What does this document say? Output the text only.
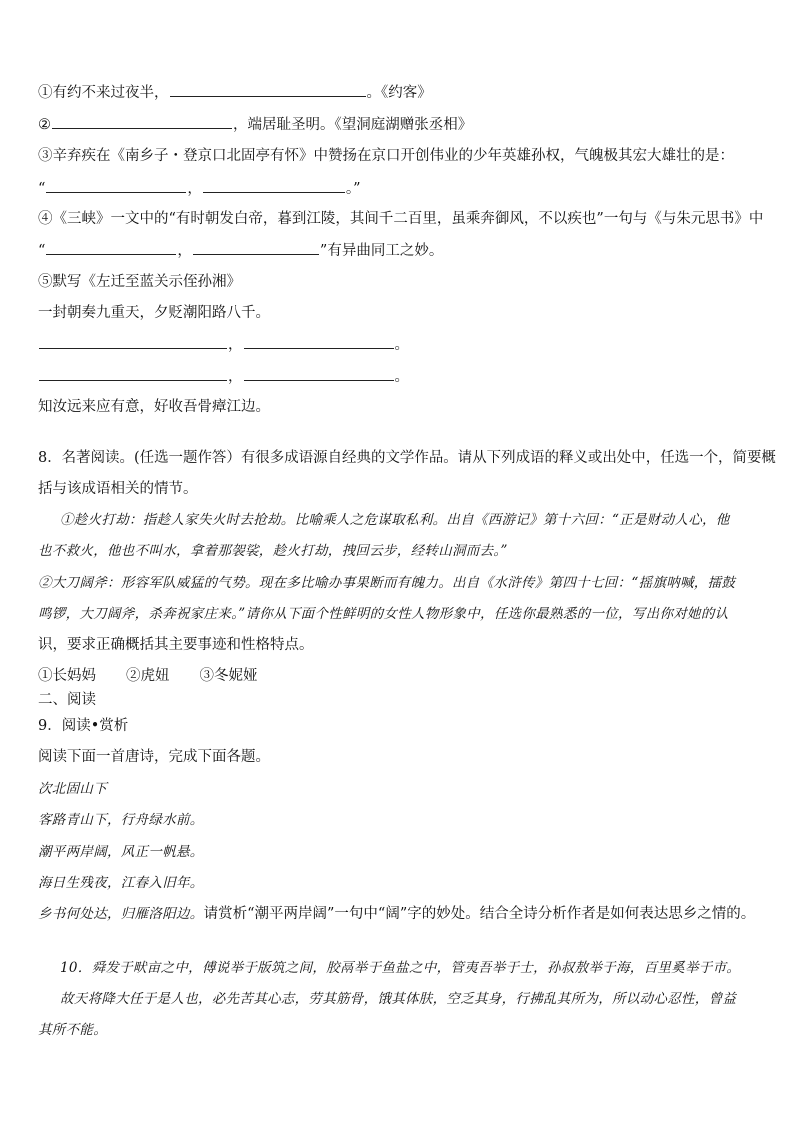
①有约不来过夜半，	。《约客》
②	，端居耻圣明。《望洞庭湖赠张丞相》
③辛弃疾在《南乡子・登京口北固亭有怀》中赞扬在京口开创伟业的少年英雄孙权，气魄极其宏大雄壮的是：
“	，	。”
④《三峡》一文中的“有时朝发白帝，暮到江陵，其间千二百里，虽乘奔御风，不以疾也”一句与《与朱元思书》中
“	，	”有异曲同工之妙。
⑤默写《左迁至蓝关示侄孙湘》
一封朝奏九重天，夕贬潮阳路八千。
，	。
，	。
知汝远来应有意，好收吾骨瘴江边。
8．名著阅读。(任选一题作答）有很多成语源自经典的文学作品。请从下列成语的释义或出处中，任选一个，简要概
括与该成语相关的情节。
①趁火打劫：指趁人家失火时去抢劫。比喻乘人之危谋取私利。出自《西游记》第十六回：“正是财动人心，他
也不救火，他也不叫水，拿着那袈裟，趁火打劫，拽回云步，经转山洞而去。”
②大刀阔斧：形容军队威猛的气势。现在多比喻办事果断而有魄力。出自《水浒传》第四十七回：“摇旗呐喊，擂鼓
鸣锣，大刀阔斧，杀奔祝家庄来。”请你从下面个性鲜明的女性人物形象中，任选你最熟悉的一位，写出你对她的认
识，要求正确概括其主要事迹和性格特点。
①长妈妈 ②虎妞 ③冬妮娅
二、阅读
9．阅读•赏析
阅读下面一首唐诗，完成下面各题。
次北固山下
客路青山下，行舟绿水前。
潮平两岸阔，风正一帆悬。
海日生残夜，江春入旧年。
乡书何处达，归雁洛阳边。请赏析“潮平两岸阔”一句中“阔”字的妙处。结合全诗分析作者是如何表达思乡之情的。
10．舜发于畎亩之中，傅说举于版筑之间，胶鬲举于鱼盐之中，管夷吾举于士，孙叔敖举于海，百里奚举于市。
故天将降大任于是人也，必先苦其心志，劳其筋骨，饿其体肤，空乏其身，行拂乱其所为，所以动心忍性，曾益
其所不能。
